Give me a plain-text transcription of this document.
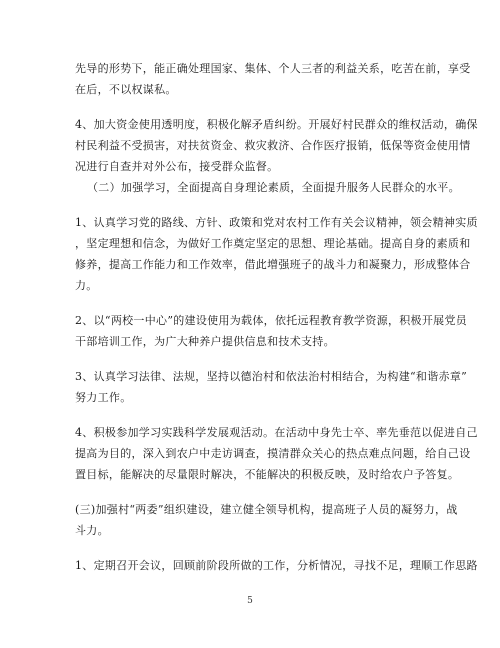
先导的形势下，能正确处理国家、集体、个人三者的利益关系，吃苦在前，享受
在后，不以权谋私。
4、加大资金使用透明度，积极化解矛盾纠纷。开展好村民群众的维权活动，确保
村民利益不受损害，对扶贫资金、救灾救济、合作医疗报销，低保等资金使用情
况进行自查并对外公布，接受群众监督。
（二）加强学习，全面提高自身理论素质，全面提升服务人民群众的水平。
1、认真学习党的路线、方针、政策和党对农村工作有关会议精神，领会精神实质
，坚定理想和信念，为做好工作奠定坚定的思想、理论基础。提高自身的素质和
修养，提高工作能力和工作效率，借此增强班子的战斗力和凝聚力，形成整体合
力。
2、以“两校一中心”的建设使用为载体，依托远程教育教学资源，积极开展党员
干部培训工作，为广大种养户提供信息和技术支持。
3、认真学习法律、法规，坚持以德治村和依法治村相结合，为构建“和谐赤章”
努力工作。
4、积极参加学习实践科学发展观活动。在活动中身先士卒、率先垂范以促进自己
提高为目的，深入到农户中走访调查，摸清群众关心的热点难点问题，给自己设
置目标，能解决的尽量限时解决，不能解决的积极反映，及时给农户予答复。
(三)加强村“两委”组织建设，建立健全领导机构，提高班子人员的凝努力，战
斗力。
1、定期召开会议，回顾前阶段所做的工作，分析情况，寻找不足，理顺工作思路
5
